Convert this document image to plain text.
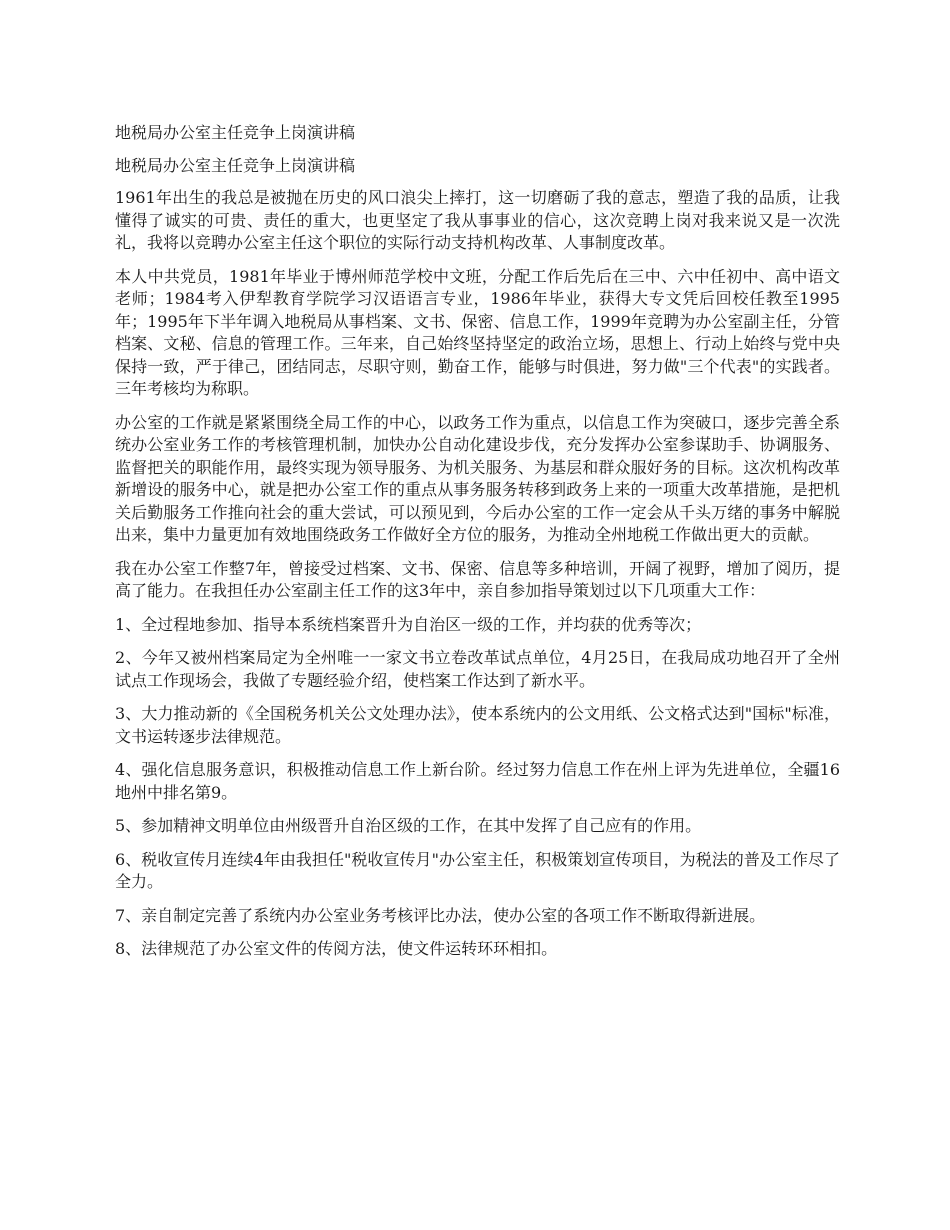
地税局办公室主任竞争上岗演讲稿

地税局办公室主任竞争上岗演讲稿

1961年出生的我总是被抛在历史的风口浪尖上摔打，这一切磨砺了我的意志，塑造了我的品质，让我懂得了诚实的可贵、责任的重大，也更坚定了我从事事业的信心，这次竞聘上岗对我来说又是一次洗礼，我将以竞聘办公室主任这个职位的实际行动支持机构改革、人事制度改革。

本人中共党员，1981年毕业于博州师范学校中文班，分配工作后先后在三中、六中任初中、高中语文老师；1984考入伊犁教育学院学习汉语语言专业，1986年毕业，获得大专文凭后回校任教至1995年；1995年下半年调入地税局从事档案、文书、保密、信息工作，1999年竞聘为办公室副主任，分管档案、文秘、信息的管理工作。三年来，自己始终坚持坚定的政治立场，思想上、行动上始终与党中央保持一致，严于律己，团结同志，尽职守则，勤奋工作，能够与时俱进，努力做"三个代表"的实践者。三年考核均为称职。

办公室的工作就是紧紧围绕全局工作的中心，以政务工作为重点，以信息工作为突破口，逐步完善全系统办公室业务工作的考核管理机制，加快办公自动化建设步伐，充分发挥办公室参谋助手、协调服务、监督把关的职能作用，最终实现为领导服务、为机关服务、为基层和群众服好务的目标。这次机构改革新增设的服务中心，就是把办公室工作的重点从事务服务转移到政务上来的一项重大改革措施，是把机关后勤服务工作推向社会的重大尝试，可以预见到，今后办公室的工作一定会从千头万绪的事务中解脱出来，集中力量更加有效地围绕政务工作做好全方位的服务，为推动全州地税工作做出更大的贡献。

我在办公室工作整7年，曾接受过档案、文书、保密、信息等多种培训，开阔了视野，增加了阅历，提高了能力。在我担任办公室副主任工作的这3年中，亲自参加指导策划过以下几项重大工作：

1、全过程地参加、指导本系统档案晋升为自治区一级的工作，并均获的优秀等次；

2、今年又被州档案局定为全州唯一一家文书立卷改革试点单位，4月25日，在我局成功地召开了全州试点工作现场会，我做了专题经验介绍，使档案工作达到了新水平。

3、大力推动新的《全国税务机关公文处理办法》，使本系统内的公文用纸、公文格式达到"国标"标准，文书运转逐步法律规范。

4、强化信息服务意识，积极推动信息工作上新台阶。经过努力信息工作在州上评为先进单位，全疆16地州中排名第9。

5、参加精神文明单位由州级晋升自治区级的工作，在其中发挥了自己应有的作用。

6、税收宣传月连续4年由我担任"税收宣传月"办公室主任，积极策划宣传项目，为税法的普及工作尽了全力。

7、亲自制定完善了系统内办公室业务考核评比办法，使办公室的各项工作不断取得新进展。

8、法律规范了办公室文件的传阅方法，使文件运转环环相扣。
